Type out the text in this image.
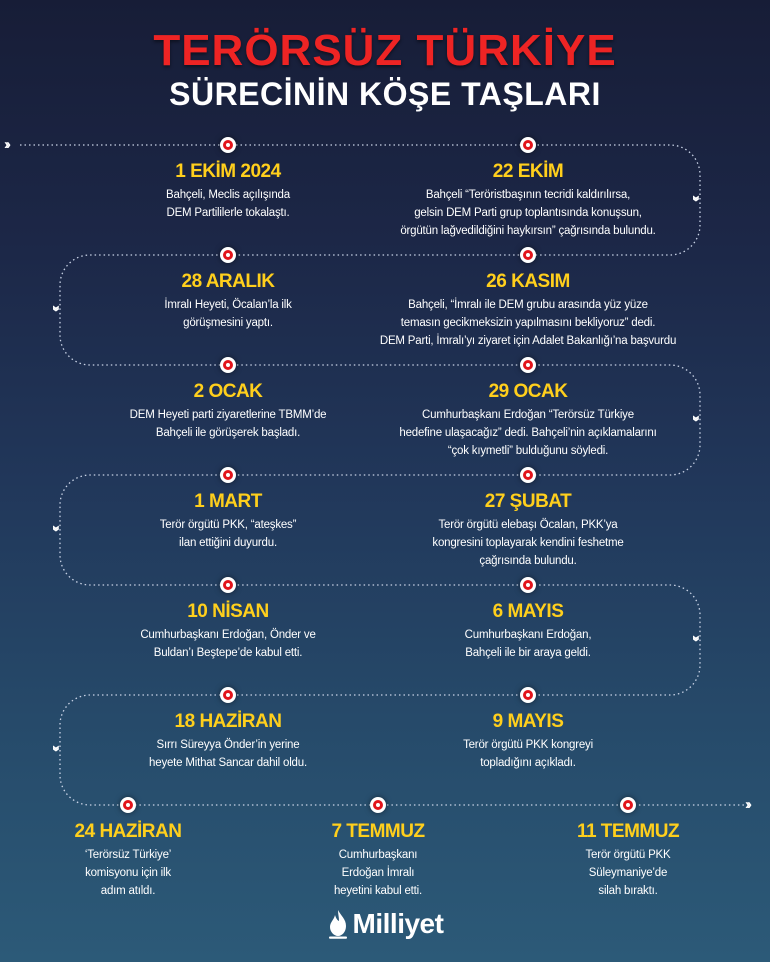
TERÖRSÜZ TÜRKİYE
SÜRECİNİN KÖŞE TAŞLARI
››
››
››
››
››
››
››
››
1 EKİM 2024
Bahçeli, Meclis açılışında
DEM Partililerle tokalaştı.
22 EKİM
Bahçeli “Teröristbaşının tecridi kaldırılırsa,
gelsin DEM Parti grup toplantısında konuşsun,
örgütün lağvedildiğini haykırsın” çağrısında bulundu.
28 ARALIK
İmralı Heyeti, Öcalan’la ilk
görüşmesini yaptı.
26 KASIM
Bahçeli, “İmralı ile DEM grubu arasında yüz yüze
temasın gecikmeksizin yapılmasını bekliyoruz” dedi.
DEM Parti, İmralı’yı ziyaret için Adalet Bakanlığı’na başvurdu
2 OCAK
DEM Heyeti parti ziyaretlerine TBMM’de
Bahçeli ile görüşerek başladı.
29 OCAK
Cumhurbaşkanı Erdoğan “Terörsüz Türkiye
hedefine ulaşacağız” dedi. Bahçeli’nin açıklamalarını
“çok kıymetli” bulduğunu söyledi.
1 MART
Terör örgütü PKK, “ateşkes”
ilan ettiğini duyurdu.
27 ŞUBAT
Terör örgütü elebaşı Öcalan, PKK’ya
kongresini toplayarak kendini feshetme
çağrısında bulundu.
10 NİSAN
Cumhurbaşkanı Erdoğan, Önder ve
Buldan’ı Beştepe’de kabul etti.
6 MAYIS
Cumhurbaşkanı Erdoğan,
Bahçeli ile bir araya geldi.
18 HAZİRAN
Sırrı Süreyya Önder’in yerine
heyete Mithat Sancar dahil oldu.
9 MAYIS
Terör örgütü PKK kongreyi
topladığını açıkladı.
24 HAZİRAN
‘Terörsüz Türkiye’
komisyonu için ilk
adım atıldı.
7 TEMMUZ
Cumhurbaşkanı
Erdoğan İmralı
heyetini kabul etti.
11 TEMMUZ
Terör örgütü PKK
Süleymaniye’de
silah bıraktı.
Milliyet
